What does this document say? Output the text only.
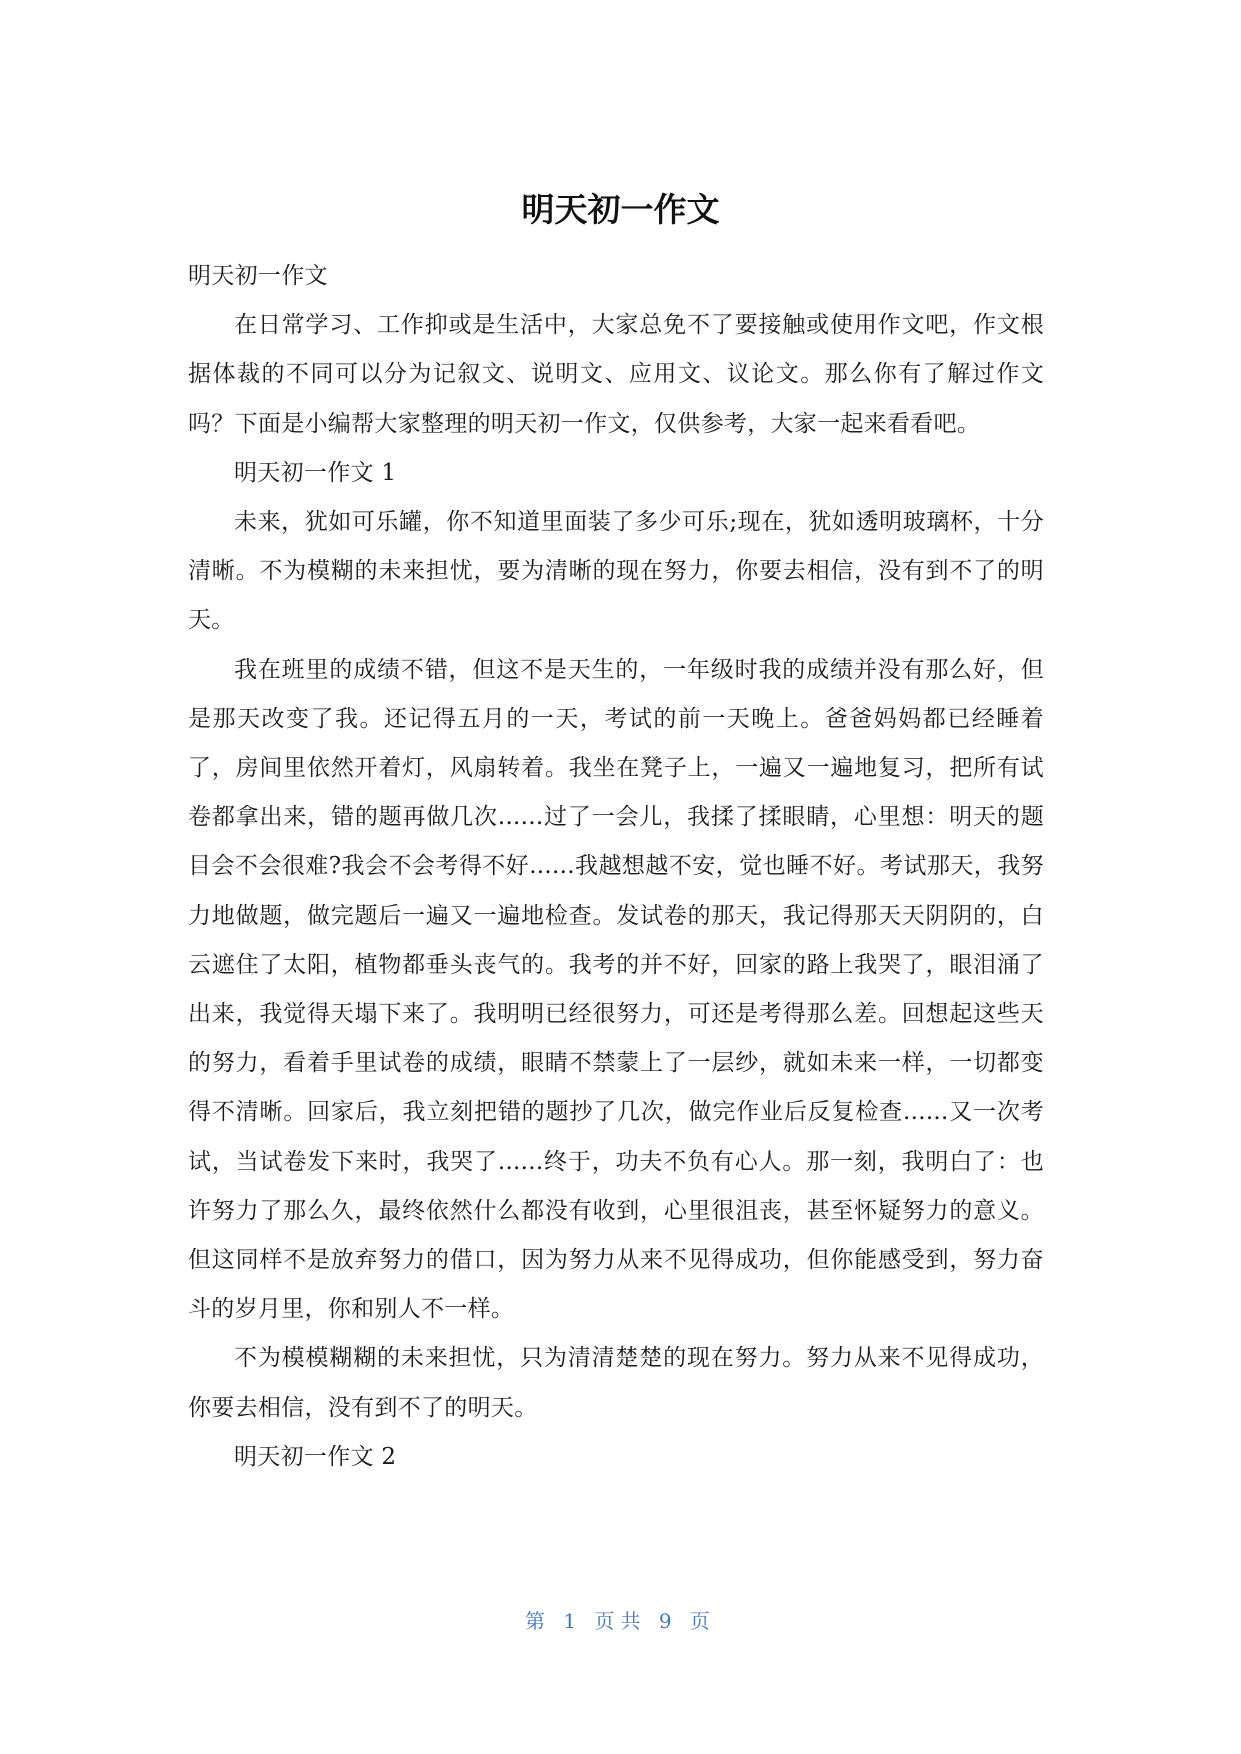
明天初一作文

明天初一作文

在日常学习、工作抑或是生活中，大家总免不了要接触或使用作文吧，作文根据体裁的不同可以分为记叙文、说明文、应用文、议论文。那么你有了解过作文吗？下面是小编帮大家整理的明天初一作文，仅供参考，大家一起来看看吧。

明天初一作文 1

未来，犹如可乐罐，你不知道里面装了多少可乐;现在，犹如透明玻璃杯，十分清晰。不为模糊的未来担忧，要为清晰的现在努力，你要去相信，没有到不了的明天。

我在班里的成绩不错，但这不是天生的，一年级时我的成绩并没有那么好，但是那天改变了我。还记得五月的一天，考试的前一天晚上。爸爸妈妈都已经睡着了，房间里依然开着灯，风扇转着。我坐在凳子上，一遍又一遍地复习，把所有试卷都拿出来，错的题再做几次......过了一会儿，我揉了揉眼睛，心里想：明天的题目会不会很难?我会不会考得不好......我越想越不安，觉也睡不好。考试那天，我努力地做题，做完题后一遍又一遍地检查。发试卷的那天，我记得那天天阴阴的，白云遮住了太阳，植物都垂头丧气的。我考的并不好，回家的路上我哭了，眼泪涌了出来，我觉得天塌下来了。我明明已经很努力，可还是考得那么差。回想起这些天的努力，看着手里试卷的成绩，眼睛不禁蒙上了一层纱，就如未来一样，一切都变得不清晰。回家后，我立刻把错的题抄了几次，做完作业后反复检查......又一次考试，当试卷发下来时，我哭了......终于，功夫不负有心人。那一刻，我明白了：也许努力了那么久，最终依然什么都没有收到，心里很沮丧，甚至怀疑努力的意义。但这同样不是放弃努力的借口，因为努力从来不见得成功，但你能感受到，努力奋斗的岁月里，你和别人不一样。

不为模模糊糊的未来担忧，只为清清楚楚的现在努力。努力从来不见得成功，你要去相信，没有到不了的明天。

明天初一作文 2

第 1 页共 9 页
